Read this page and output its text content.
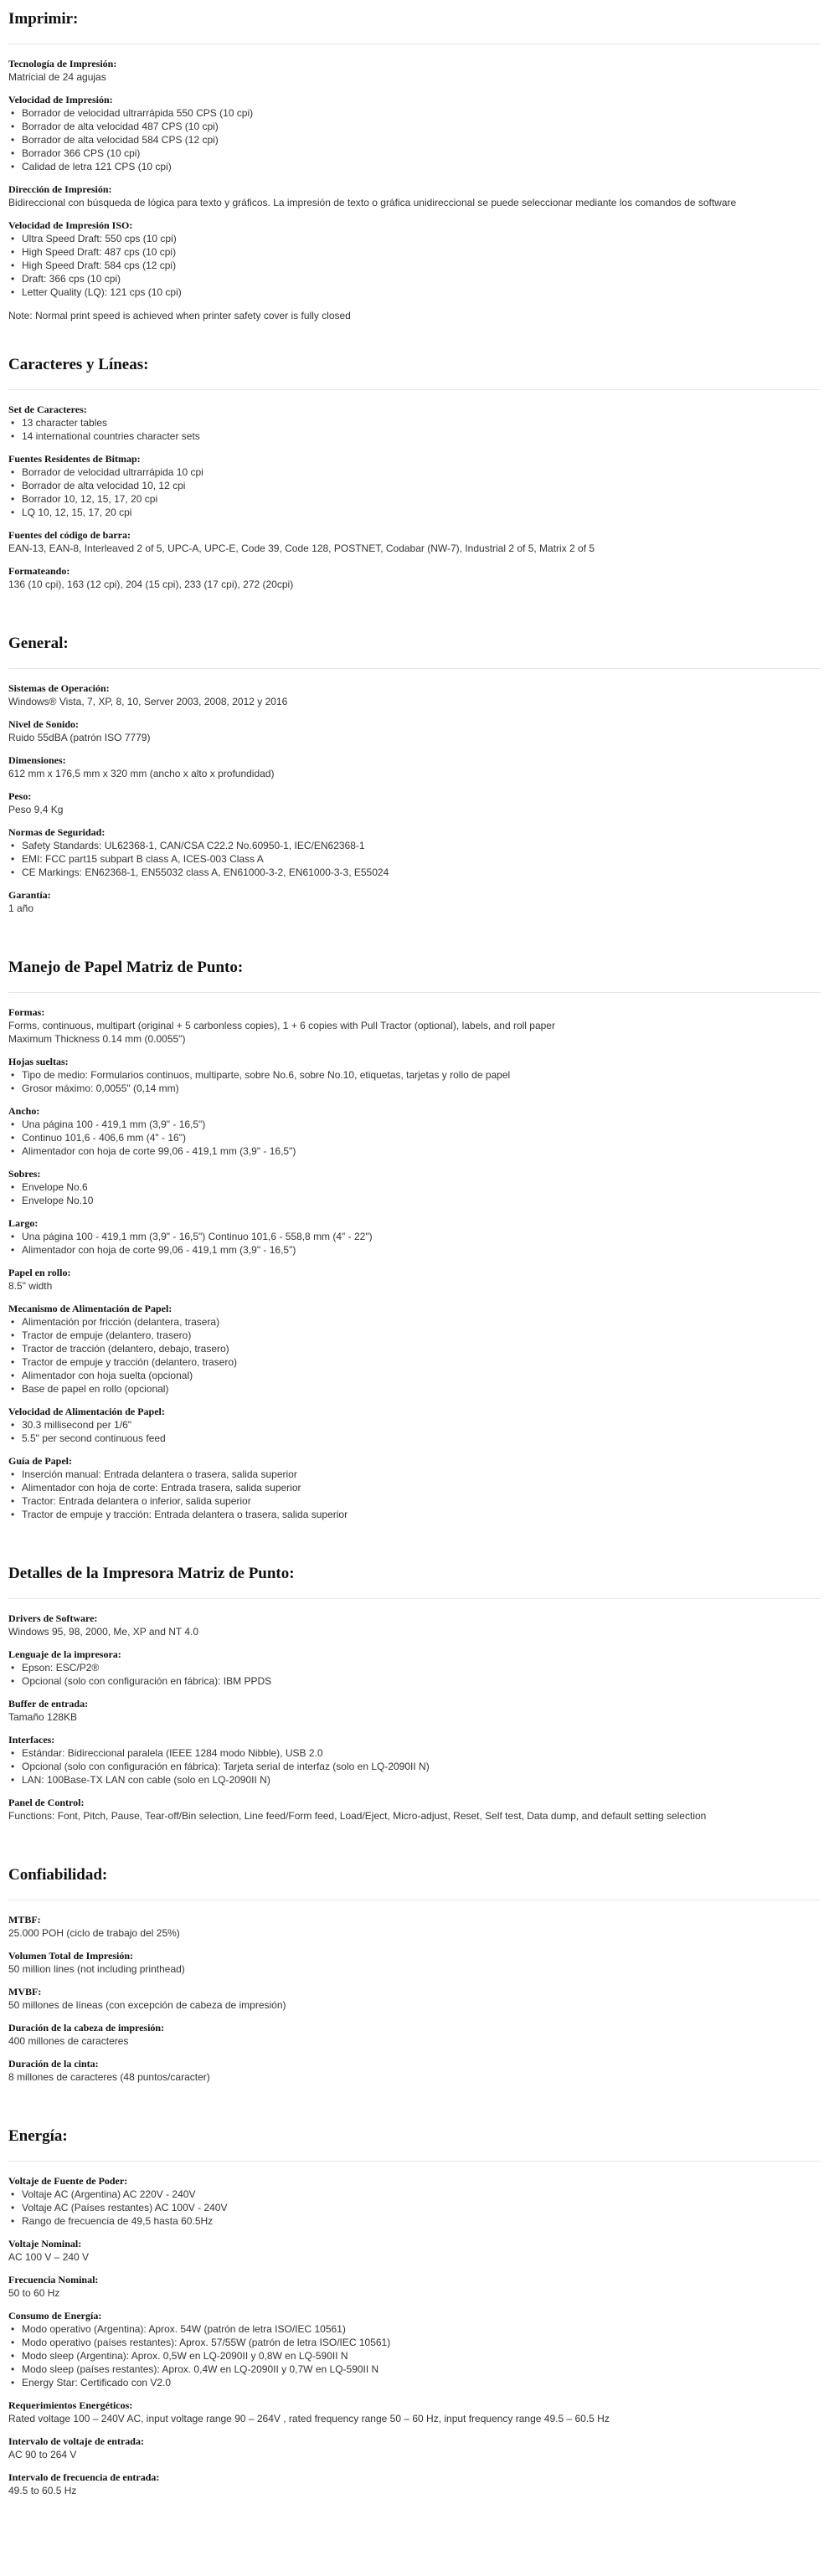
Imprimir:

Tecnología de Impresión:

Matricial de 24 agujas

Velocidad de Impresión:

• Borrador de velocidad ultrarrápida 550 CPS (10 cpi)
• Borrador de alta velocidad 487 CPS (10 cpi)
• Borrador de alta velocidad 584 CPS (12 cpi)
• Borrador 366 CPS (10 cpi)
• Calidad de letra 121 CPS (10 cpi)

Dirección de Impresión:

Bidireccional con búsqueda de lógica para texto y gráficos. La impresión de texto o gráfica unidireccional se puede seleccionar mediante los comandos de software

Velocidad de Impresión ISO:

• Ultra Speed Draft: 550 cps (10 cpi)
• High Speed Draft: 487 cps (10 cpi)
• High Speed Draft: 584 cps (12 cpi)
• Draft: 366 cps (10 cpi)
• Letter Quality (LQ): 121 cps (10 cpi)

Note: Normal print speed is achieved when printer safety cover is fully closed

Caracteres y Líneas:

Set de Caracteres:

• 13 character tables
• 14 international countries character sets

Fuentes Residentes de Bitmap:

• Borrador de velocidad ultrarrápida 10 cpi
• Borrador de alta velocidad 10, 12 cpi
• Borrador 10, 12, 15, 17, 20 cpi
• LQ 10, 12, 15, 17, 20 cpi

Fuentes del código de barra:

EAN-13, EAN-8, Interleaved 2 of 5, UPC-A, UPC-E, Code 39, Code 128, POSTNET, Codabar (NW-7), Industrial 2 of 5, Matrix 2 of 5

Formateando:

136 (10 cpi), 163 (12 cpi), 204 (15 cpi), 233 (17 cpi), 272 (20cpi)

General:

Sistemas de Operación:

Windows® Vista, 7, XP, 8, 10, Server 2003, 2008, 2012 y 2016

Nivel de Sonido:

Ruido 55dBA (patrón ISO 7779)

Dimensiones:

612 mm x 176,5 mm x 320 mm (ancho x alto x profundidad)

Peso:

Peso 9,4 Kg

Normas de Seguridad:

• Safety Standards: UL62368-1, CAN/CSA C22.2 No.60950-1, IEC/EN62368-1
• EMI: FCC part15 subpart B class A, ICES-003 Class A
• CE Markings: EN62368-1, EN55032 class A, EN61000-3-2, EN61000-3-3, E55024

Garantía:

1 año

Manejo de Papel Matriz de Punto:

Formas:

Forms, continuous, multipart (original + 5 carbonless copies), 1 + 6 copies with Pull Tractor (optional), labels, and roll paper

Maximum Thickness 0.14 mm (0.0055")

Hojas sueltas:

• Tipo de medio: Formularios continuos, multiparte, sobre No.6, sobre No.10, etiquetas, tarjetas y rollo de papel
• Grosor máximo: 0,0055" (0,14 mm)

Ancho:

• Una página 100 - 419,1 mm (3,9" - 16,5")
• Continuo 101,6 - 406,6 mm (4" - 16")
• Alimentador con hoja de corte 99,06 - 419,1 mm (3,9" - 16,5")

Sobres:

• Envelope No.6
• Envelope No.10

Largo:

• Una página 100 - 419,1 mm (3,9" - 16,5") Continuo 101,6 - 558,8 mm (4" - 22")
• Alimentador con hoja de corte 99,06 - 419,1 mm (3,9" - 16,5")

Papel en rollo:

8.5" width

Mecanismo de Alimentación de Papel:

• Alimentación por fricción (delantera, trasera)
• Tractor de empuje (delantero, trasero)
• Tractor de tracción (delantero, debajo, trasero)
• Tractor de empuje y tracción (delantero, trasero)
• Alimentador con hoja suelta (opcional)
• Base de papel en rollo (opcional)

Velocidad de Alimentación de Papel:

• 30.3 millisecond per 1/6"
• 5.5" per second continuous feed

Guía de Papel:

• Inserción manual: Entrada delantera o trasera, salida superior
• Alimentador con hoja de corte: Entrada trasera, salida superior
• Tractor: Entrada delantera o inferior, salida superior
• Tractor de empuje y tracción: Entrada delantera o trasera, salida superior
Detalles de la Impresora Matriz de Punto:

Drivers de Software:

Windows 95, 98, 2000, Me, XP and NT 4.0

Lenguaje de la impresora:

• Epson: ESC/P2®
• Opcional (solo con configuración en fábrica): IBM PPDS

Buffer de entrada:

Tamaño 128KB

Interfaces:

• Estándar: Bidireccional paralela (IEEE 1284 modo Nibble), USB 2.0
• Opcional (solo con configuración en fábrica): Tarjeta serial de interfaz (solo en LQ-2090II N)
• LAN: 100Base-TX LAN con cable (solo en LQ-2090II N)

Panel de Control:

Functions: Font, Pitch, Pause, Tear-off/Bin selection, Line feed/Form feed, Load/Eject, Micro-adjust, Reset, Self test, Data dump, and default setting selection

Confiabilidad:

MTBF:

25.000 POH (ciclo de trabajo del 25%)

Volumen Total de Impresión:

50 million lines (not including printhead)

MVBF:

50 millones de líneas (con excepción de cabeza de impresión)

Duración de la cabeza de impresión:

400 millones de caracteres

Duración de la cinta:

8 millones de caracteres (48 puntos/caracter)

Energía:

Voltaje de Fuente de Poder:

• Voltaje AC (Argentina) AC 220V - 240V
• Voltaje AC (Países restantes) AC 100V - 240V
• Rango de frecuencia de 49,5 hasta 60.5Hz

Voltaje Nominal:

AC 100 V – 240 V

Frecuencia Nominal:

50 to 60 Hz

Consumo de Energía:

• Modo operativo (Argentina): Aprox. 54W (patrón de letra ISO/IEC 10561)
• Modo operativo (países restantes): Aprox. 57/55W (patrón de letra ISO/IEC 10561)
• Modo sleep (Argentina): Aprox. 0,5W en LQ-2090II y 0,8W en LQ-590II N
• Modo sleep (países restantes): Aprox. 0,4W en LQ-2090II y 0,7W en LQ-590II N
• Energy Star: Certificado con V2.0

Requerimientos Energéticos:

Rated voltage 100 – 240V AC, input voltage range 90 – 264V , rated frequency range 50 – 60 Hz, input frequency range 49.5 – 60.5 Hz

Intervalo de voltaje de entrada:

AC 90 to 264 V

Intervalo de frecuencia de entrada:

49.5 to 60.5 Hz
